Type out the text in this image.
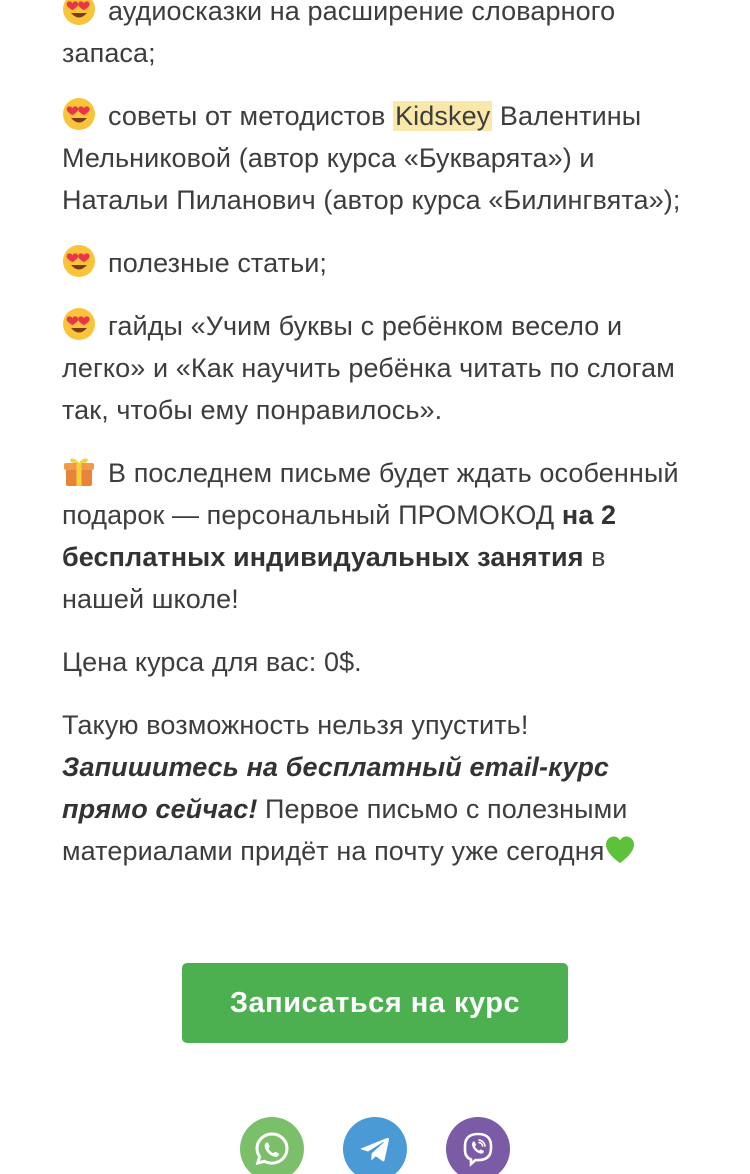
аудиосказки на расширение словарного запаса;

советы от методистов Kidskey Валентины Мельниковой (автор курса «Букварята») и Натальи Пиланович (автор курса «Билингвята»);

полезные статьи;

гайды «Учим буквы с ребёнком весело и легко» и «Как научить ребёнка читать по слогам так, чтобы ему понравилось».

В последнем письме будет ждать особенный подарок — персональный ПРОМОКОД на 2 бесплатных индивидуальных занятия в нашей школе!

Цена курса для вас: 0$.

Такую возможность нельзя упустить!
Запишитесь на бесплатный email-курс прямо сейчас! Первое письмо с полезными материалами придёт на почту уже сегодня

Записаться на курс
